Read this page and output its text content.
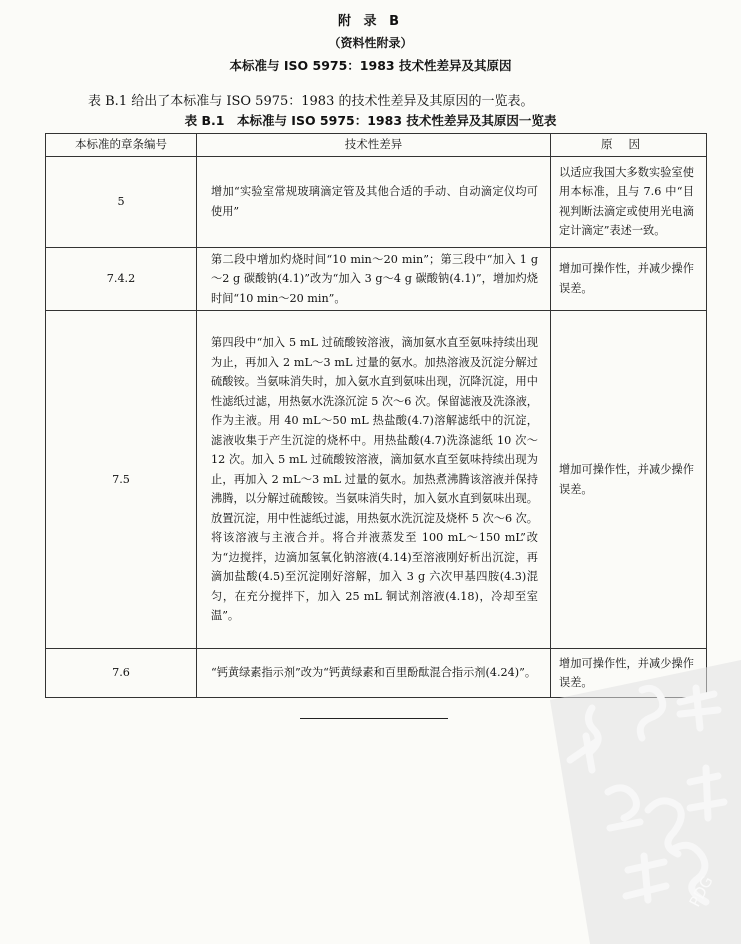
附 录 B
（资料性附录）
本标准与 ISO 5975：1983 技术性差异及其原因
表 B.1 给出了本标准与 ISO 5975：1983 的技术性差异及其原因的一览表。
表 B.1　本标准与 ISO 5975：1983 技术性差异及其原因一览表
本标准的章条编号	技术性差异	原因
5	增加“实验室常规玻璃滴定管及其他合适的手动、自动滴定仪均可使用”	以适应我国大多数实验室使用本标准，且与 7.6 中“目视判断法滴定或使用光电滴定计滴定”表述一致。
7.4.2	第二段中增加灼烧时间“10 min～20 min”；第三段中“加入 1 g～2 g 碳酸钠(4.1)”改为“加入 3 g～4 g 碳酸钠(4.1)”，增加灼烧时间“10 min～20 min”。	增加可操作性，并减少操作误差。
7.5	第四段中“加入 5 mL 过硫酸铵溶液，滴加氨水直至氨味持续出现为止，再加入 2 mL～3 mL 过量的氨水。加热溶液及沉淀分解过硫酸铵。当氨味消失时，加入氨水直到氨味出现，沉降沉淀，用中性滤纸过滤，用热氨水洗涤沉淀 5 次～6 次。保留滤液及洗涤液，作为主液。用 40 mL～50 mL 热盐酸(4.7)溶解滤纸中的沉淀，滤液收集于产生沉淀的烧杯中。用热盐酸(4.7)洗涤滤纸 10 次～12 次。加入 5 mL 过硫酸铵溶液，滴加氨水直至氨味持续出现为止，再加入 2 mL～3 mL 过量的氨水。加热煮沸腾该溶液并保持沸腾，以分解过硫酸铵。当氨味消失时，加入氨水直到氨味出现。放置沉淀，用中性滤纸过滤，用热氨水洗沉淀及烧杯 5 次～6 次。将该溶液与主液合并。将合并液蒸发至 100 mL～150 mL”改为“边搅拌，边滴加氢氧化钠溶液(4.14)至溶液刚好析出沉淀，再滴加盐酸(4.5)至沉淀刚好溶解，加入 3 g 六次甲基四胺(4.3)混匀，在充分搅拌下，加入 25 mL 铜试剂溶液(4.18)，冷却至室温”。	增加可操作性，并减少操作误差。
7.6	“钙黄绿素指示剂”改为“钙黄绿素和百里酚酞混合指示剂(4.24)”。	增加可操作性，并减少操作误差。
PDG
